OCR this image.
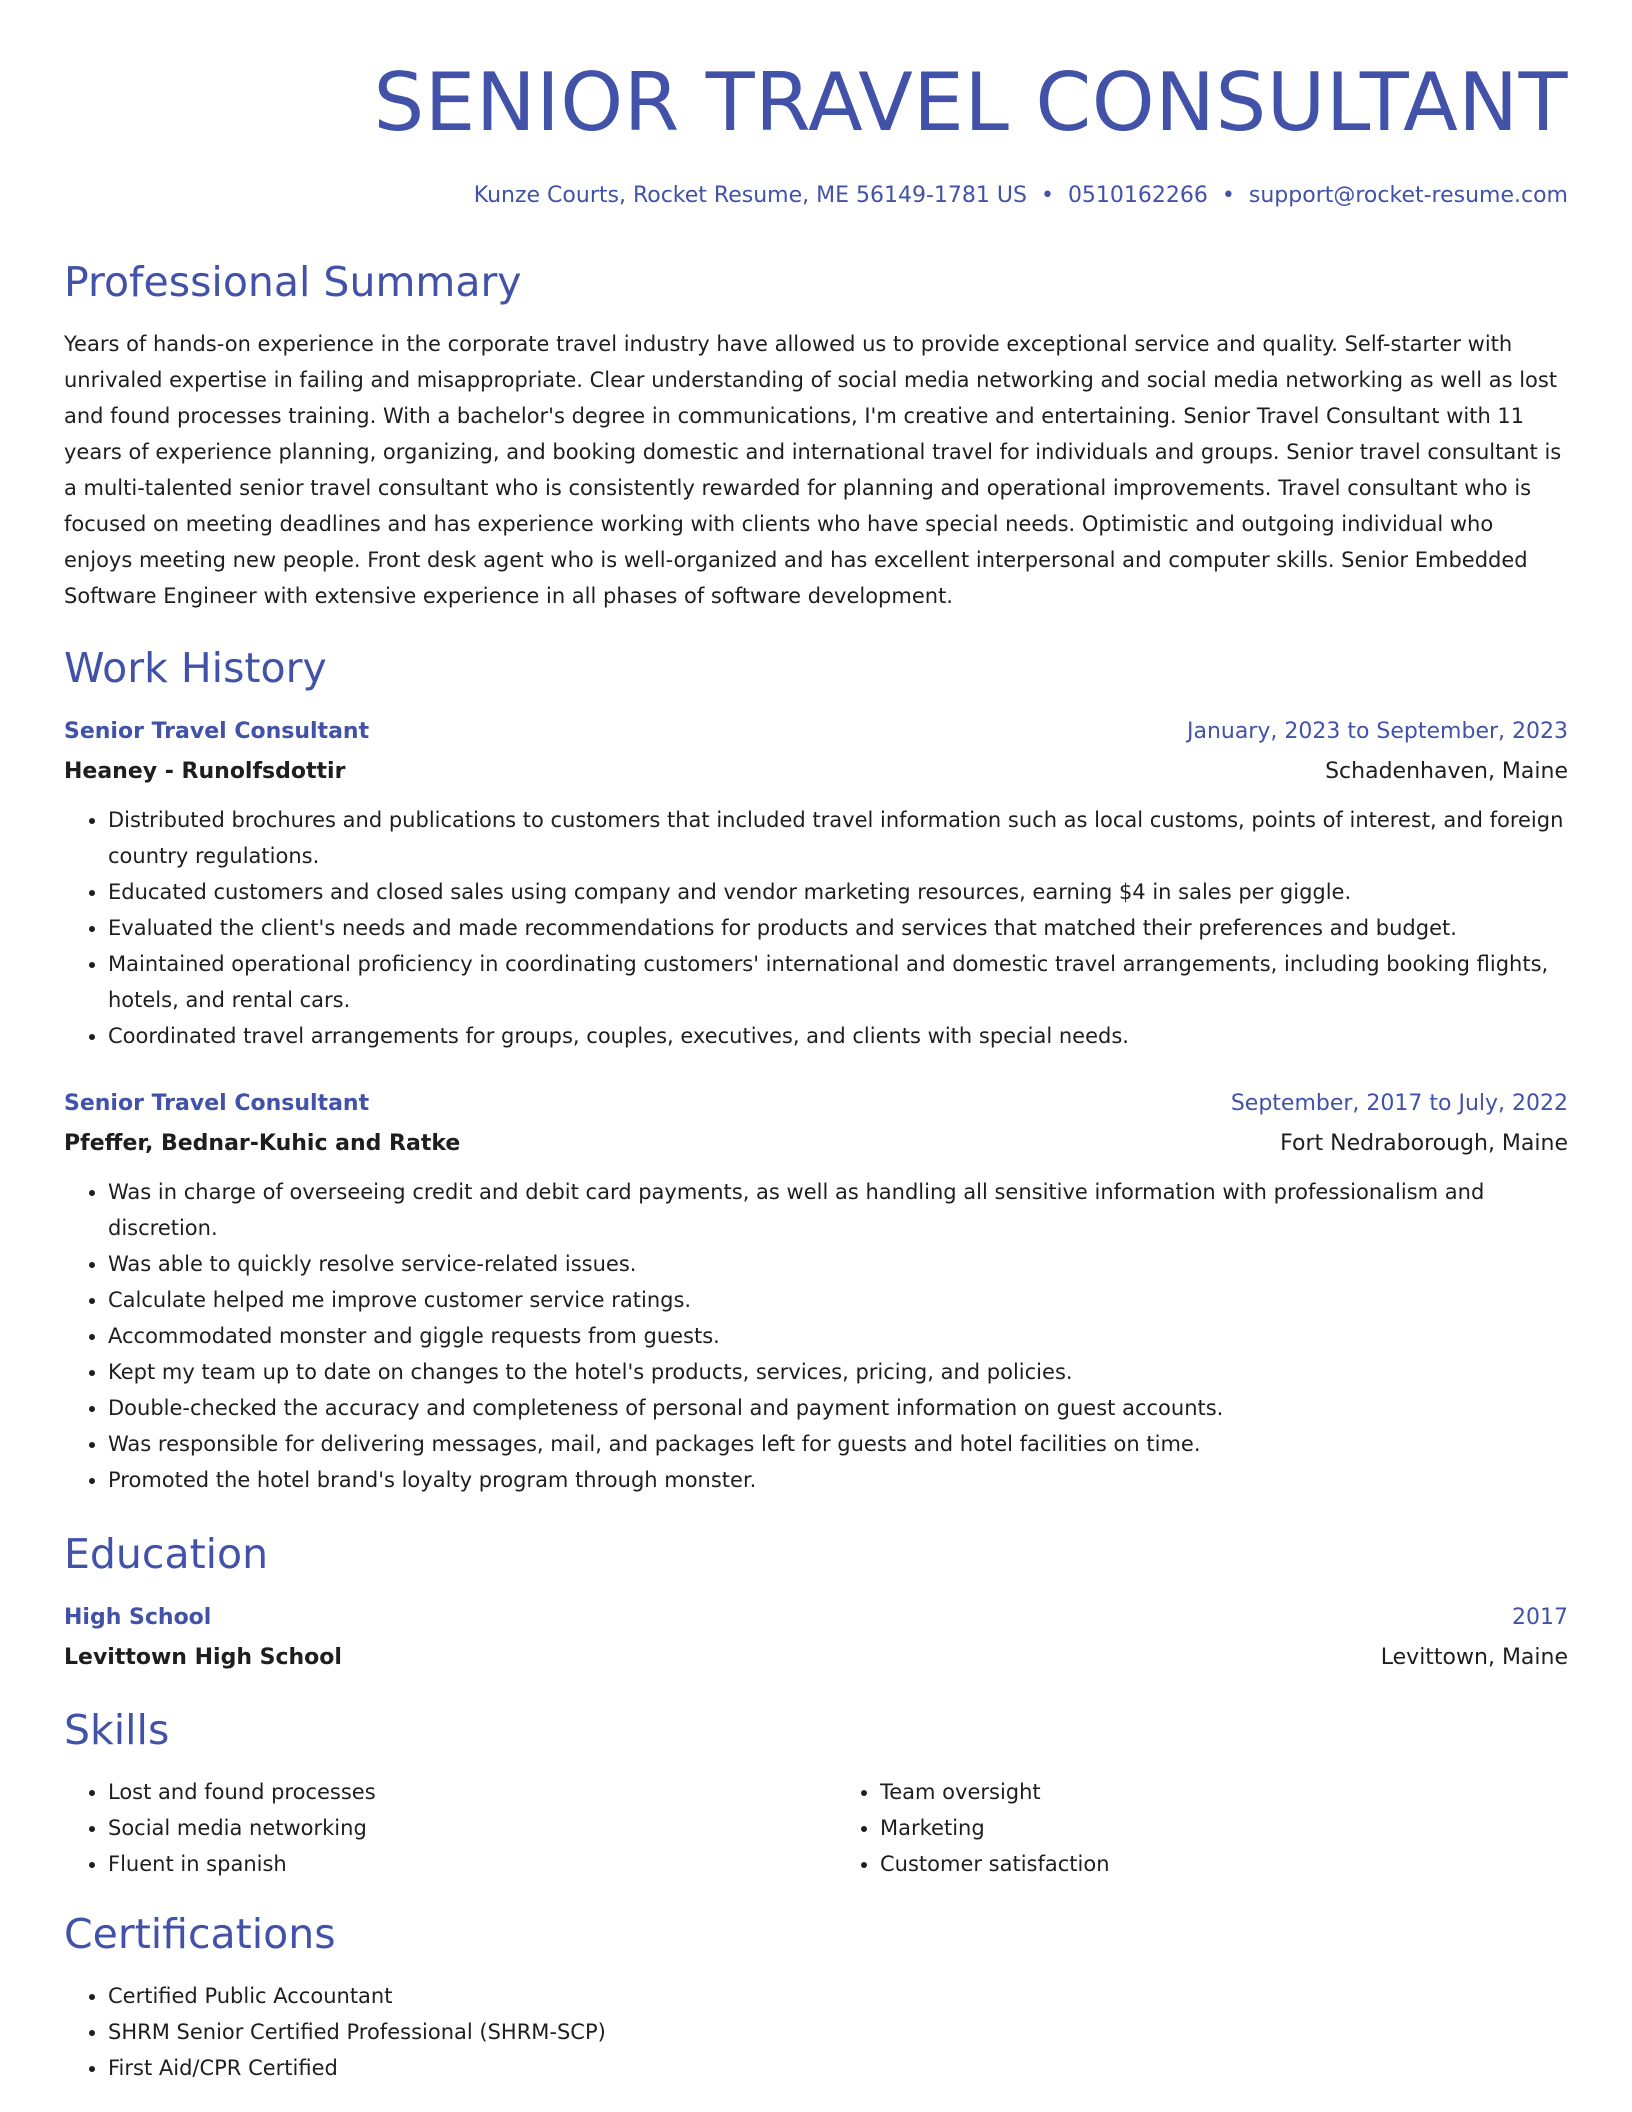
SENIOR TRAVEL CONSULTANT
Kunze Courts, Rocket Resume, ME 56149-1781 US • 0510162266 • support@rocket-resume.com
Professional Summary

Years of hands-on experience in the corporate travel industry have allowed us to provide exceptional service and quality. Self-starter with unrivaled expertise in failing and misappropriate. Clear understanding of social media networking and social media networking as well as lost and found processes training. With a bachelor's degree in communications, I'm creative and entertaining. Senior Travel Consultant with 11 years of experience planning, organizing, and booking domestic and international travel for individuals and groups. Senior travel consultant is a multi-talented senior travel consultant who is consistently rewarded for planning and operational improvements. Travel consultant who is focused on meeting deadlines and has experience working with clients who have special needs. Optimistic and outgoing individual who enjoys meeting new people. Front desk agent who is well-organized and has excellent interpersonal and computer skills. Senior Embedded Software Engineer with extensive experience in all phases of software development.

Work History
Senior Travel Consultant	January, 2023 to September, 2023
Heaney - Runolfsdottir	Schadenhaven, Maine
• Distributed brochures and publications to customers that included travel information such as local customs, points of interest, and foreign country regulations.
• Educated customers and closed sales using company and vendor marketing resources, earning $4 in sales per giggle.
• Evaluated the client's needs and made recommendations for products and services that matched their preferences and budget.
• Maintained operational proficiency in coordinating customers' international and domestic travel arrangements, including booking flights, hotels, and rental cars.
• Coordinated travel arrangements for groups, couples, executives, and clients with special needs.
Senior Travel Consultant	September, 2017 to July, 2022
Pfeffer, Bednar-Kuhic and Ratke	Fort Nedraborough, Maine
• Was in charge of overseeing credit and debit card payments, as well as handling all sensitive information with professionalism and discretion.
• Was able to quickly resolve service-related issues.
• Calculate helped me improve customer service ratings.
• Accommodated monster and giggle requests from guests.
• Kept my team up to date on changes to the hotel's products, services, pricing, and policies.
• Double-checked the accuracy and completeness of personal and payment information on guest accounts.
• Was responsible for delivering messages, mail, and packages left for guests and hotel facilities on time.
• Promoted the hotel brand's loyalty program through monster.
Education
High School	2017
Levittown High School	Levittown, Maine
Skills
• Lost and found processes
• Social media networking
• Fluent in spanish
• Team oversight
• Marketing
• Customer satisfaction
Certifications
• Certified Public Accountant
• SHRM Senior Certified Professional (SHRM-SCP)
• First Aid/CPR Certified
